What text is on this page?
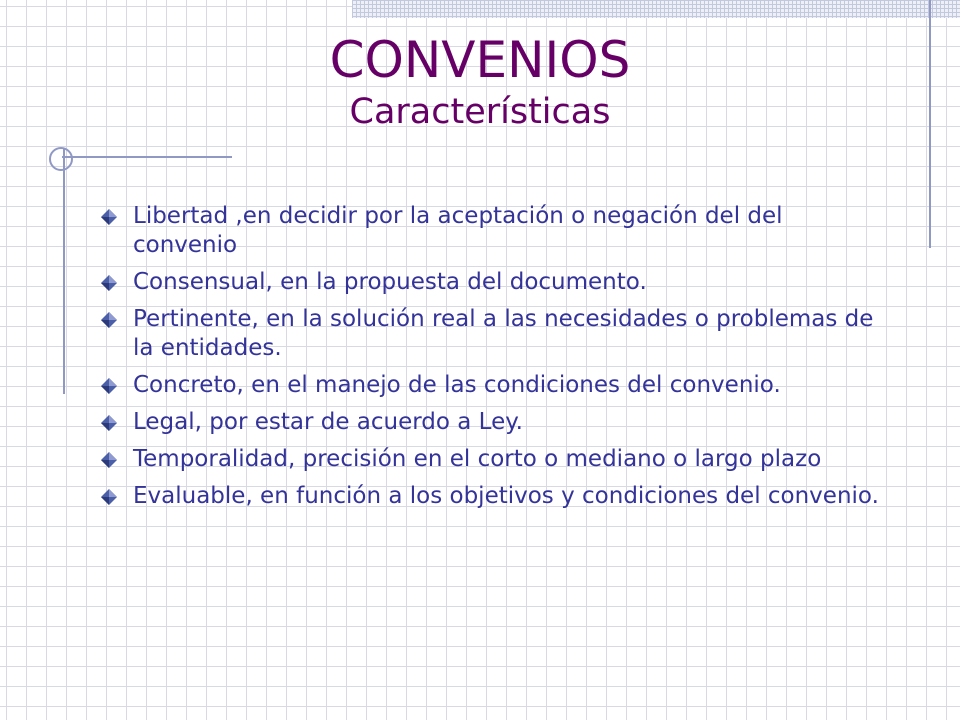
CONVENIOS
Características
Libertad ,en decidir por la aceptación o negación del del convenio
Consensual, en la propuesta del documento.
Pertinente, en la solución real a las necesidades o problemas de la entidades.
Concreto, en el manejo de las condiciones del convenio.
Legal, por estar de acuerdo a Ley.
Temporalidad, precisión en el corto o mediano o largo plazo
Evaluable, en función a los objetivos y condiciones del convenio.
